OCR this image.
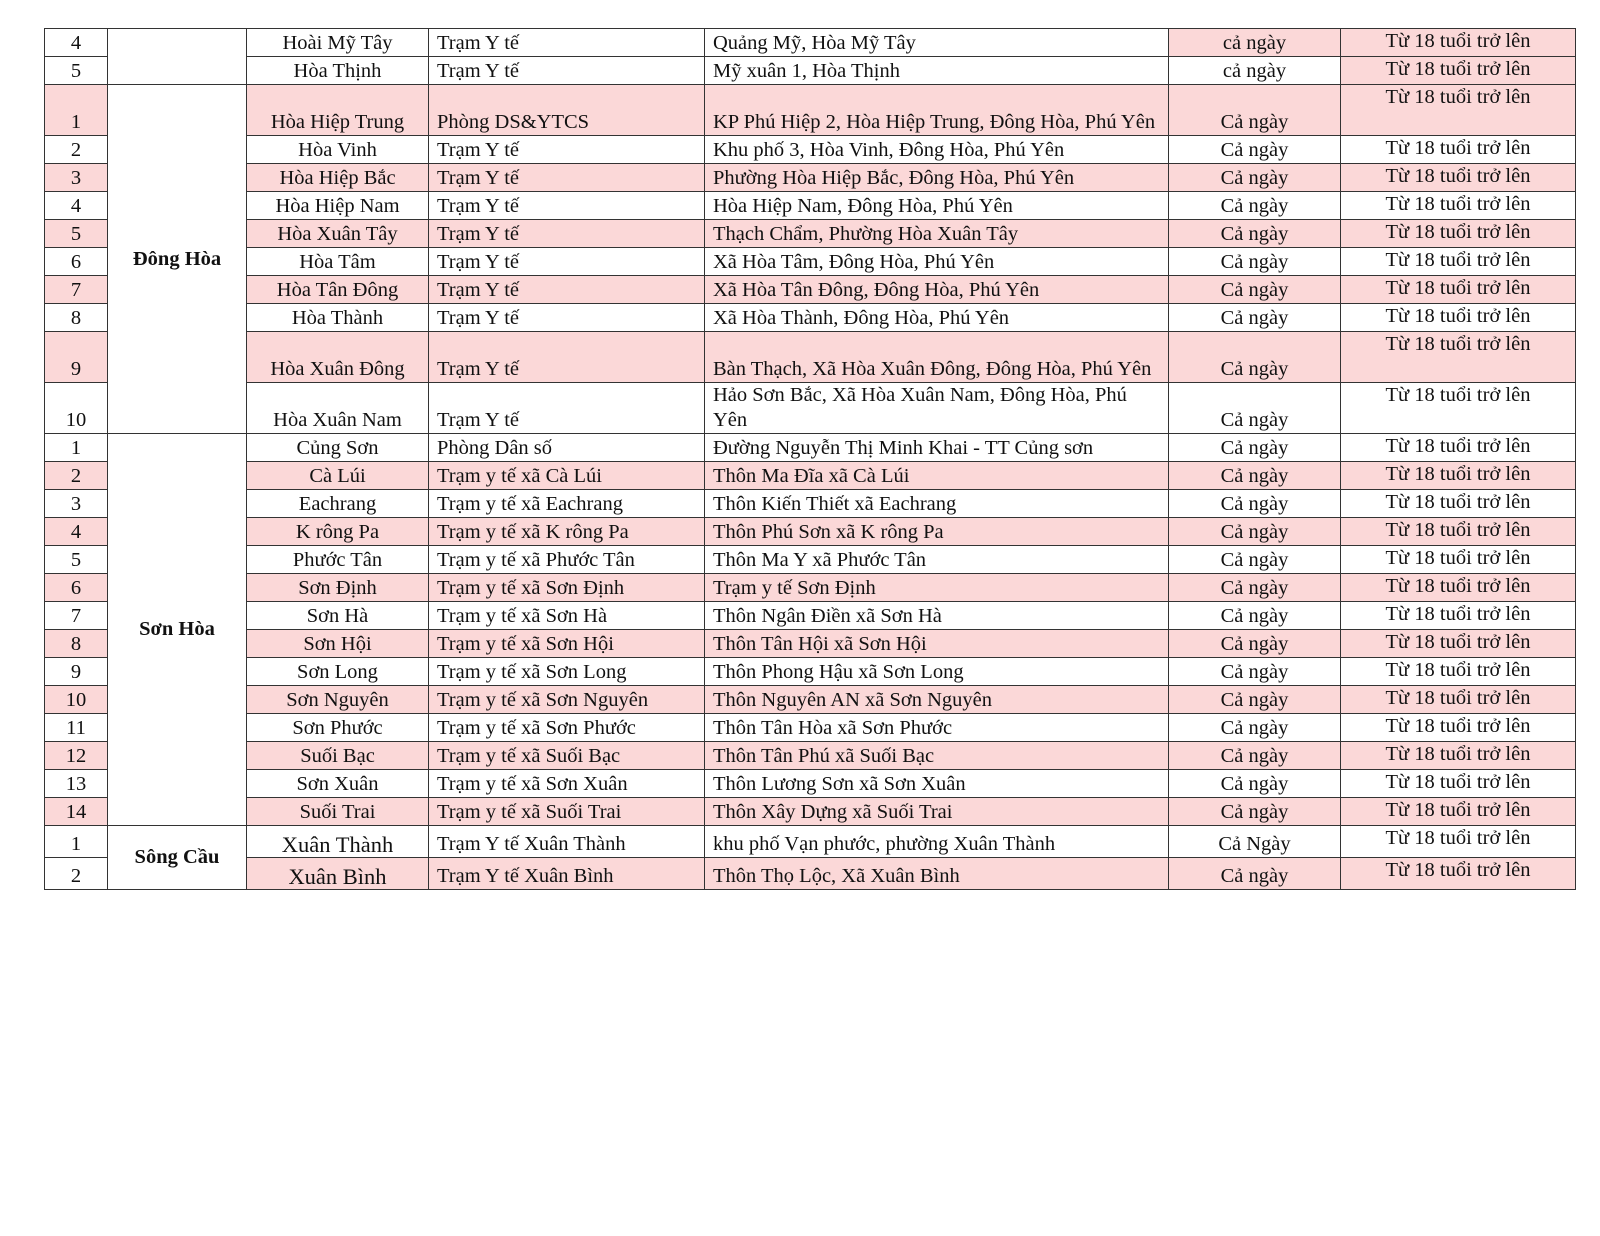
4		Hoài Mỹ Tây	Trạm Y tế	Quảng Mỹ, Hòa Mỹ Tây	cả ngày	Từ 18 tuổi trở lên
5		Hòa Thịnh	Trạm Y tế	Mỹ xuân 1, Hòa Thịnh	cả ngày	Từ 18 tuổi trở lên
1	Đông Hòa	Hòa Hiệp Trung	Phòng DS&YTCS	KP Phú Hiệp 2, Hòa Hiệp Trung, Đông Hòa, Phú Yên	Cả ngày	Từ 18 tuổi trở lên
2		Hòa Vinh	Trạm Y tế	Khu phố 3, Hòa Vinh, Đông Hòa, Phú Yên	Cả ngày	Từ 18 tuổi trở lên
3		Hòa Hiệp Bắc	Trạm Y tế	Phường Hòa Hiệp Bắc, Đông Hòa, Phú Yên	Cả ngày	Từ 18 tuổi trở lên
4		Hòa Hiệp Nam	Trạm Y tế	Hòa Hiệp Nam, Đông Hòa, Phú Yên	Cả ngày	Từ 18 tuổi trở lên
5		Hòa Xuân Tây	Trạm Y tế	Thạch Chẩm, Phường Hòa Xuân Tây	Cả ngày	Từ 18 tuổi trở lên
6		Hòa Tâm	Trạm Y tế	Xã Hòa Tâm, Đông Hòa, Phú Yên	Cả ngày	Từ 18 tuổi trở lên
7		Hòa Tân Đông	Trạm Y tế	Xã Hòa Tân Đông, Đông Hòa, Phú Yên	Cả ngày	Từ 18 tuổi trở lên
8		Hòa Thành	Trạm Y tế	Xã Hòa Thành, Đông Hòa, Phú Yên	Cả ngày	Từ 18 tuổi trở lên
9		Hòa Xuân Đông	Trạm Y tế	Bàn Thạch, Xã Hòa Xuân Đông, Đông Hòa, Phú Yên	Cả ngày	Từ 18 tuổi trở lên
10		Hòa Xuân Nam	Trạm Y tế	Hảo Sơn Bắc, Xã Hòa Xuân Nam, Đông Hòa, Phú Yên	Cả ngày	Từ 18 tuổi trở lên
1	Sơn Hòa	Củng Sơn	Phòng Dân số	Đường Nguyễn Thị Minh Khai - TT Củng sơn	Cả ngày	Từ 18 tuổi trở lên
2		Cà Lúi	Trạm y tế xã Cà Lúi	Thôn Ma Đĩa xã Cà Lúi	Cả ngày	Từ 18 tuổi trở lên
3		Eachrang	Trạm y tế xã Eachrang	Thôn Kiến Thiết xã Eachrang	Cả ngày	Từ 18 tuổi trở lên
4		K rông Pa	Trạm y tế xã K rông Pa	Thôn Phú Sơn xã K rông Pa	Cả ngày	Từ 18 tuổi trở lên
5		Phước Tân	Trạm y tế xã Phước Tân	Thôn Ma Y xã Phước Tân	Cả ngày	Từ 18 tuổi trở lên
6		Sơn Định	Trạm y tế xã Sơn Định	Trạm y tế Sơn Định	Cả ngày	Từ 18 tuổi trở lên
7		Sơn Hà	Trạm y tế xã Sơn Hà	Thôn Ngân Điền xã Sơn Hà	Cả ngày	Từ 18 tuổi trở lên
8		Sơn Hội	Trạm y tế xã Sơn Hội	Thôn Tân Hội xã Sơn Hội	Cả ngày	Từ 18 tuổi trở lên
9		Sơn Long	Trạm y tế xã Sơn Long	Thôn Phong Hậu xã Sơn Long	Cả ngày	Từ 18 tuổi trở lên
10		Sơn Nguyên	Trạm y tế xã Sơn Nguyên	Thôn Nguyên AN xã Sơn Nguyên	Cả ngày	Từ 18 tuổi trở lên
11		Sơn Phước	Trạm y tế xã Sơn Phước	Thôn Tân Hòa xã Sơn Phước	Cả ngày	Từ 18 tuổi trở lên
12		Suối Bạc	Trạm y tế xã Suối Bạc	Thôn Tân Phú xã Suối Bạc	Cả ngày	Từ 18 tuổi trở lên
13		Sơn Xuân	Trạm y tế xã Sơn Xuân	Thôn Lương Sơn xã Sơn Xuân	Cả ngày	Từ 18 tuổi trở lên
14		Suối Trai	Trạm y tế xã Suối Trai	Thôn Xây Dựng xã Suối Trai	Cả ngày	Từ 18 tuổi trở lên
1	Sông Cầu	Xuân Thành	Trạm Y tế Xuân Thành	khu phố Vạn phước, phường Xuân Thành	Cả Ngày	Từ 18 tuổi trở lên
2		Xuân Bình	Trạm Y tế Xuân Bình	Thôn Thọ Lộc, Xã Xuân Bình	Cả ngày	Từ 18 tuổi trở lên
